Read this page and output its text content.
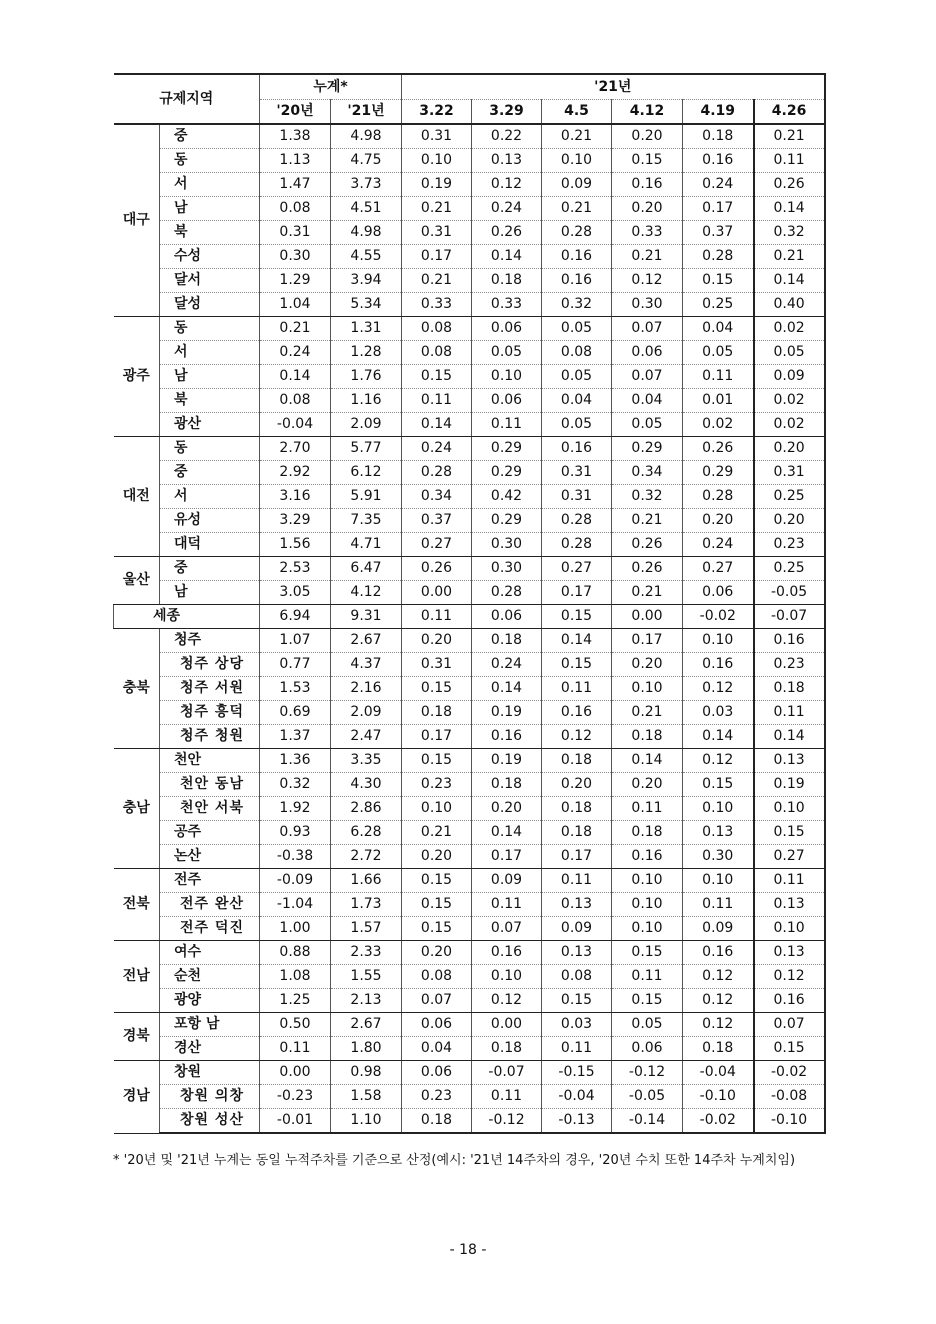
규제지역		누계*		'21년					
		'20년	'21년	3.22	3.29	4.5	4.12	4.19	4.26
대구	중	1.38	4.98	0.31	0.22	0.21	0.20	0.18	0.21
	동	1.13	4.75	0.10	0.13	0.10	0.15	0.16	0.11
	서	1.47	3.73	0.19	0.12	0.09	0.16	0.24	0.26
	남	0.08	4.51	0.21	0.24	0.21	0.20	0.17	0.14
	북	0.31	4.98	0.31	0.26	0.28	0.33	0.37	0.32
	수성	0.30	4.55	0.17	0.14	0.16	0.21	0.28	0.21
	달서	1.29	3.94	0.21	0.18	0.16	0.12	0.15	0.14
	달성	1.04	5.34	0.33	0.33	0.32	0.30	0.25	0.40
광주	동	0.21	1.31	0.08	0.06	0.05	0.07	0.04	0.02
	서	0.24	1.28	0.08	0.05	0.08	0.06	0.05	0.05
	남	0.14	1.76	0.15	0.10	0.05	0.07	0.11	0.09
	북	0.08	1.16	0.11	0.06	0.04	0.04	0.01	0.02
	광산	-0.04	2.09	0.14	0.11	0.05	0.05	0.02	0.02
대전	동	2.70	5.77	0.24	0.29	0.16	0.29	0.26	0.20
	중	2.92	6.12	0.28	0.29	0.31	0.34	0.29	0.31
	서	3.16	5.91	0.34	0.42	0.31	0.32	0.28	0.25
	유성	3.29	7.35	0.37	0.29	0.28	0.21	0.20	0.20
	대덕	1.56	4.71	0.27	0.30	0.28	0.26	0.24	0.23
울산	중	2.53	6.47	0.26	0.30	0.27	0.26	0.27	0.25
	남	3.05	4.12	0.00	0.28	0.17	0.21	0.06	-0.05
세종		6.94	9.31	0.11	0.06	0.15	0.00	-0.02	-0.07
충북	청주	1.07	2.67	0.20	0.18	0.14	0.17	0.10	0.16
	청주 상당	0.77	4.37	0.31	0.24	0.15	0.20	0.16	0.23
	청주 서원	1.53	2.16	0.15	0.14	0.11	0.10	0.12	0.18
	청주 흥덕	0.69	2.09	0.18	0.19	0.16	0.21	0.03	0.11
	청주 청원	1.37	2.47	0.17	0.16	0.12	0.18	0.14	0.14
충남	천안	1.36	3.35	0.15	0.19	0.18	0.14	0.12	0.13
	천안 동남	0.32	4.30	0.23	0.18	0.20	0.20	0.15	0.19
	천안 서북	1.92	2.86	0.10	0.20	0.18	0.11	0.10	0.10
	공주	0.93	6.28	0.21	0.14	0.18	0.18	0.13	0.15
	논산	-0.38	2.72	0.20	0.17	0.17	0.16	0.30	0.27
전북	전주	-0.09	1.66	0.15	0.09	0.11	0.10	0.10	0.11
	전주 완산	-1.04	1.73	0.15	0.11	0.13	0.10	0.11	0.13
	전주 덕진	1.00	1.57	0.15	0.07	0.09	0.10	0.09	0.10
전남	여수	0.88	2.33	0.20	0.16	0.13	0.15	0.16	0.13
	순천	1.08	1.55	0.08	0.10	0.08	0.11	0.12	0.12
	광양	1.25	2.13	0.07	0.12	0.15	0.15	0.12	0.16
경북	포항 남	0.50	2.67	0.06	0.00	0.03	0.05	0.12	0.07
	경산	0.11	1.80	0.04	0.18	0.11	0.06	0.18	0.15
경남	창원	0.00	0.98	0.06	-0.07	-0.15	-0.12	-0.04	-0.02
	창원 의창	-0.23	1.58	0.23	0.11	-0.04	-0.05	-0.10	-0.08
	창원 성산	-0.01	1.10	0.18	-0.12	-0.13	-0.14	-0.02	-0.10
* '20년 및 '21년 누계는 동일 누적주차를 기준으로 산정(예시: '21년 14주차의 경우, '20년 수치 또한 14주차 누계치임)
- 18 -
